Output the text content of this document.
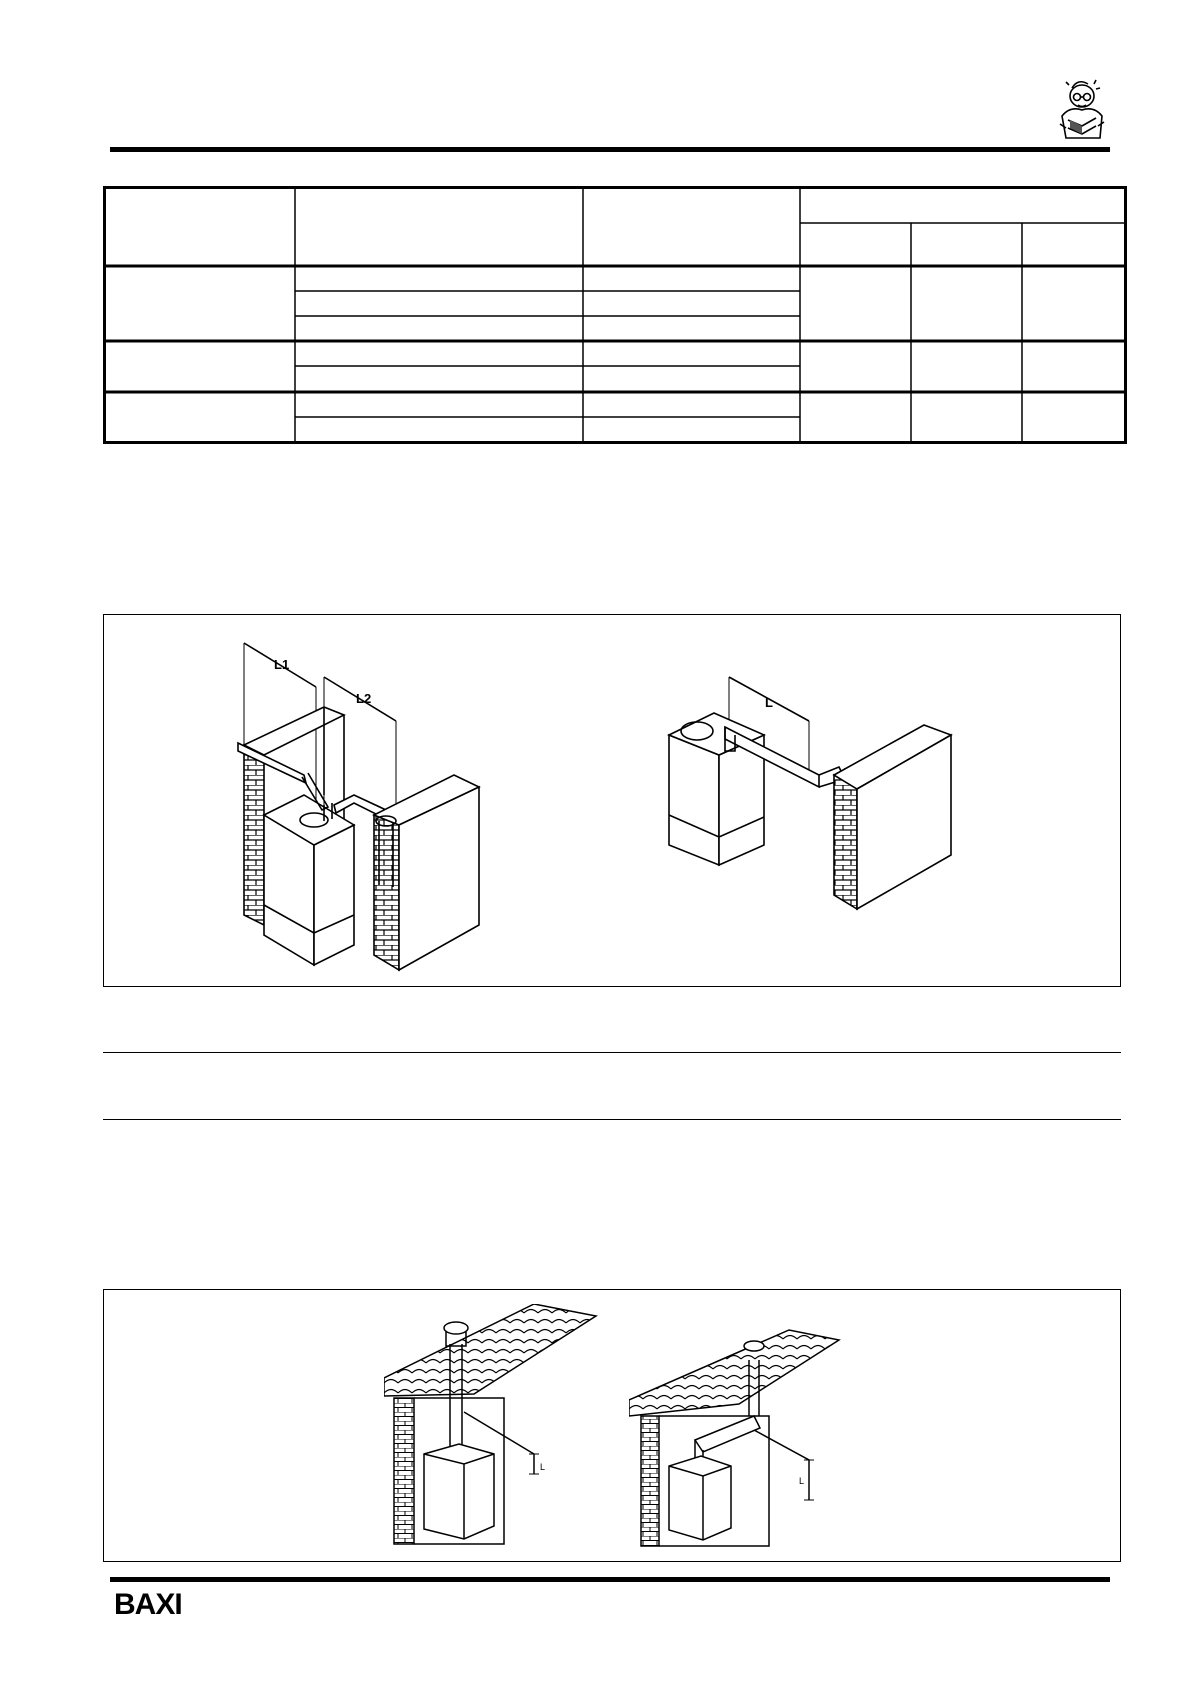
L1
L2	L
L
L
BAXI
